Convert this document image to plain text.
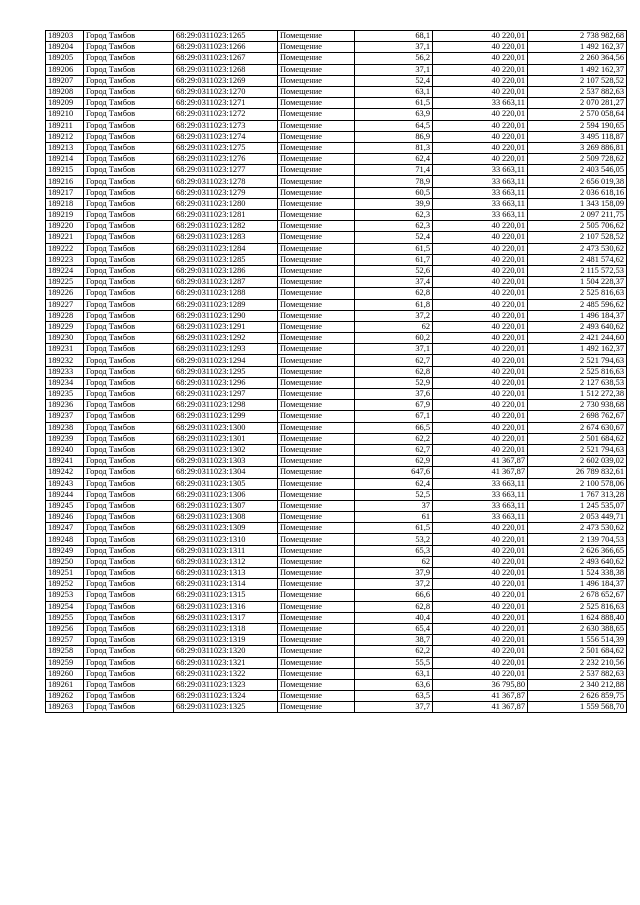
189203	Город Тамбов	68:29:0311023:1265	Помещение	68,1	40 220,01	2 738 982,68
189204	Город Тамбов	68:29:0311023:1266	Помещение	37,1	40 220,01	1 492 162,37
189205	Город Тамбов	68:29:0311023:1267	Помещение	56,2	40 220,01	2 260 364,56
189206	Город Тамбов	68:29:0311023:1268	Помещение	37,1	40 220,01	1 492 162,37
189207	Город Тамбов	68:29:0311023:1269	Помещение	52,4	40 220,01	2 107 528,52
189208	Город Тамбов	68:29:0311023:1270	Помещение	63,1	40 220,01	2 537 882,63
189209	Город Тамбов	68:29:0311023:1271	Помещение	61,5	33 663,11	2 070 281,27
189210	Город Тамбов	68:29:0311023:1272	Помещение	63,9	40 220,01	2 570 058,64
189211	Город Тамбов	68:29:0311023:1273	Помещение	64,5	40 220,01	2 594 190,65
189212	Город Тамбов	68:29:0311023:1274	Помещение	86,9	40 220,01	3 495 118,87
189213	Город Тамбов	68:29:0311023:1275	Помещение	81,3	40 220,01	3 269 886,81
189214	Город Тамбов	68:29:0311023:1276	Помещение	62,4	40 220,01	2 509 728,62
189215	Город Тамбов	68:29:0311023:1277	Помещение	71,4	33 663,11	2 403 546,05
189216	Город Тамбов	68:29:0311023:1278	Помещение	78,9	33 663,11	2 656 019,38
189217	Город Тамбов	68:29:0311023:1279	Помещение	60,5	33 663,11	2 036 618,16
189218	Город Тамбов	68:29:0311023:1280	Помещение	39,9	33 663,11	1 343 158,09
189219	Город Тамбов	68:29:0311023:1281	Помещение	62,3	33 663,11	2 097 211,75
189220	Город Тамбов	68:29:0311023:1282	Помещение	62,3	40 220,01	2 505 706,62
189221	Город Тамбов	68:29:0311023:1283	Помещение	52,4	40 220,01	2 107 528,52
189222	Город Тамбов	68:29:0311023:1284	Помещение	61,5	40 220,01	2 473 530,62
189223	Город Тамбов	68:29:0311023:1285	Помещение	61,7	40 220,01	2 481 574,62
189224	Город Тамбов	68:29:0311023:1286	Помещение	52,6	40 220,01	2 115 572,53
189225	Город Тамбов	68:29:0311023:1287	Помещение	37,4	40 220,01	1 504 228,37
189226	Город Тамбов	68:29:0311023:1288	Помещение	62,8	40 220,01	2 525 816,63
189227	Город Тамбов	68:29:0311023:1289	Помещение	61,8	40 220,01	2 485 596,62
189228	Город Тамбов	68:29:0311023:1290	Помещение	37,2	40 220,01	1 496 184,37
189229	Город Тамбов	68:29:0311023:1291	Помещение	62	40 220,01	2 493 640,62
189230	Город Тамбов	68:29:0311023:1292	Помещение	60,2	40 220,01	2 421 244,60
189231	Город Тамбов	68:29:0311023:1293	Помещение	37,1	40 220,01	1 492 162,37
189232	Город Тамбов	68:29:0311023:1294	Помещение	62,7	40 220,01	2 521 794,63
189233	Город Тамбов	68:29:0311023:1295	Помещение	62,8	40 220,01	2 525 816,63
189234	Город Тамбов	68:29:0311023:1296	Помещение	52,9	40 220,01	2 127 638,53
189235	Город Тамбов	68:29:0311023:1297	Помещение	37,6	40 220,01	1 512 272,38
189236	Город Тамбов	68:29:0311023:1298	Помещение	67,9	40 220,01	2 730 938,68
189237	Город Тамбов	68:29:0311023:1299	Помещение	67,1	40 220,01	2 698 762,67
189238	Город Тамбов	68:29:0311023:1300	Помещение	66,5	40 220,01	2 674 630,67
189239	Город Тамбов	68:29:0311023:1301	Помещение	62,2	40 220,01	2 501 684,62
189240	Город Тамбов	68:29:0311023:1302	Помещение	62,7	40 220,01	2 521 794,63
189241	Город Тамбов	68:29:0311023:1303	Помещение	62,9	41 367,87	2 602 039,02
189242	Город Тамбов	68:29:0311023:1304	Помещение	647,6	41 367,87	26 789 832,61
189243	Город Тамбов	68:29:0311023:1305	Помещение	62,4	33 663,11	2 100 578,06
189244	Город Тамбов	68:29:0311023:1306	Помещение	52,5	33 663,11	1 767 313,28
189245	Город Тамбов	68:29:0311023:1307	Помещение	37	33 663,11	1 245 535,07
189246	Город Тамбов	68:29:0311023:1308	Помещение	61	33 663,11	2 053 449,71
189247	Город Тамбов	68:29:0311023:1309	Помещение	61,5	40 220,01	2 473 530,62
189248	Город Тамбов	68:29:0311023:1310	Помещение	53,2	40 220,01	2 139 704,53
189249	Город Тамбов	68:29:0311023:1311	Помещение	65,3	40 220,01	2 626 366,65
189250	Город Тамбов	68:29:0311023:1312	Помещение	62	40 220,01	2 493 640,62
189251	Город Тамбов	68:29:0311023:1313	Помещение	37,9	40 220,01	1 524 338,38
189252	Город Тамбов	68:29:0311023:1314	Помещение	37,2	40 220,01	1 496 184,37
189253	Город Тамбов	68:29:0311023:1315	Помещение	66,6	40 220,01	2 678 652,67
189254	Город Тамбов	68:29:0311023:1316	Помещение	62,8	40 220,01	2 525 816,63
189255	Город Тамбов	68:29:0311023:1317	Помещение	40,4	40 220,01	1 624 888,40
189256	Город Тамбов	68:29:0311023:1318	Помещение	65,4	40 220,01	2 630 388,65
189257	Город Тамбов	68:29:0311023:1319	Помещение	38,7	40 220,01	1 556 514,39
189258	Город Тамбов	68:29:0311023:1320	Помещение	62,2	40 220,01	2 501 684,62
189259	Город Тамбов	68:29:0311023:1321	Помещение	55,5	40 220,01	2 232 210,56
189260	Город Тамбов	68:29:0311023:1322	Помещение	63,1	40 220,01	2 537 882,63
189261	Город Тамбов	68:29:0311023:1323	Помещение	63,6	36 795,80	2 340 212,88
189262	Город Тамбов	68:29:0311023:1324	Помещение	63,5	41 367,87	2 626 859,75
189263	Город Тамбов	68:29:0311023:1325	Помещение	37,7	41 367,87	1 559 568,70
